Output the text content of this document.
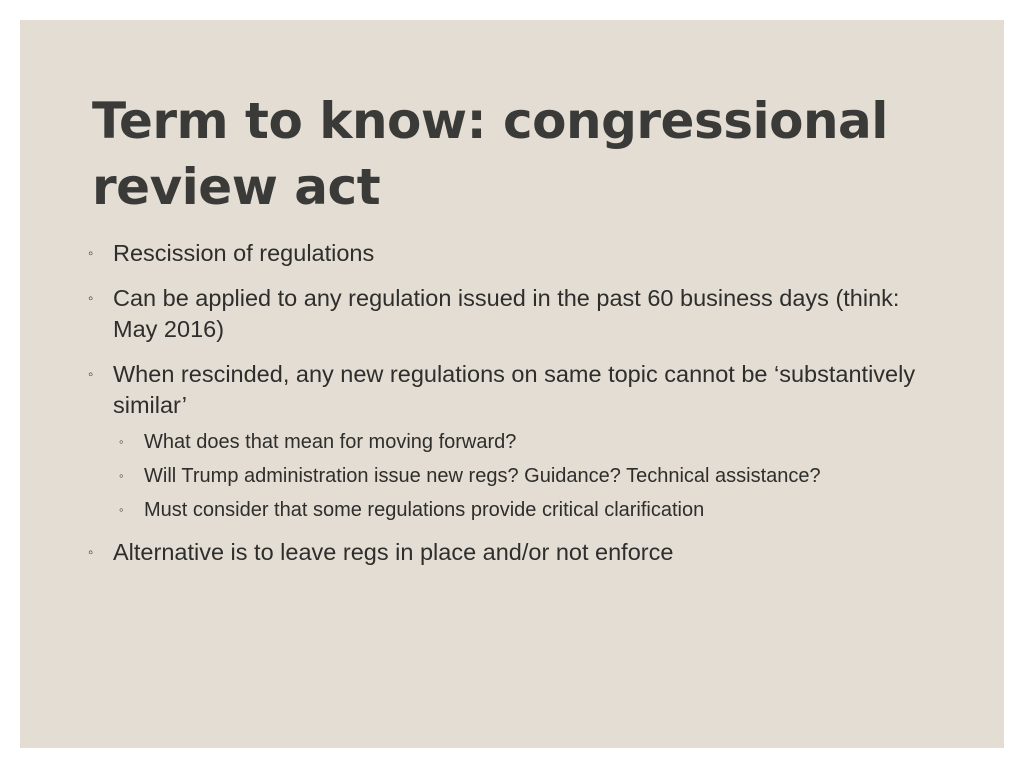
Term to know: congressional review act
◦ Rescission of regulations
◦ Can be applied to any regulation issued in the past 60 business days (think: May 2016)
◦ When rescinded, any new regulations on same topic cannot be ‘substantively similar’
◦ What does that mean for moving forward?
◦ Will Trump administration issue new regs? Guidance? Technical assistance?
◦ Must consider that some regulations provide critical clarification
◦ Alternative is to leave regs in place and/or not enforce
